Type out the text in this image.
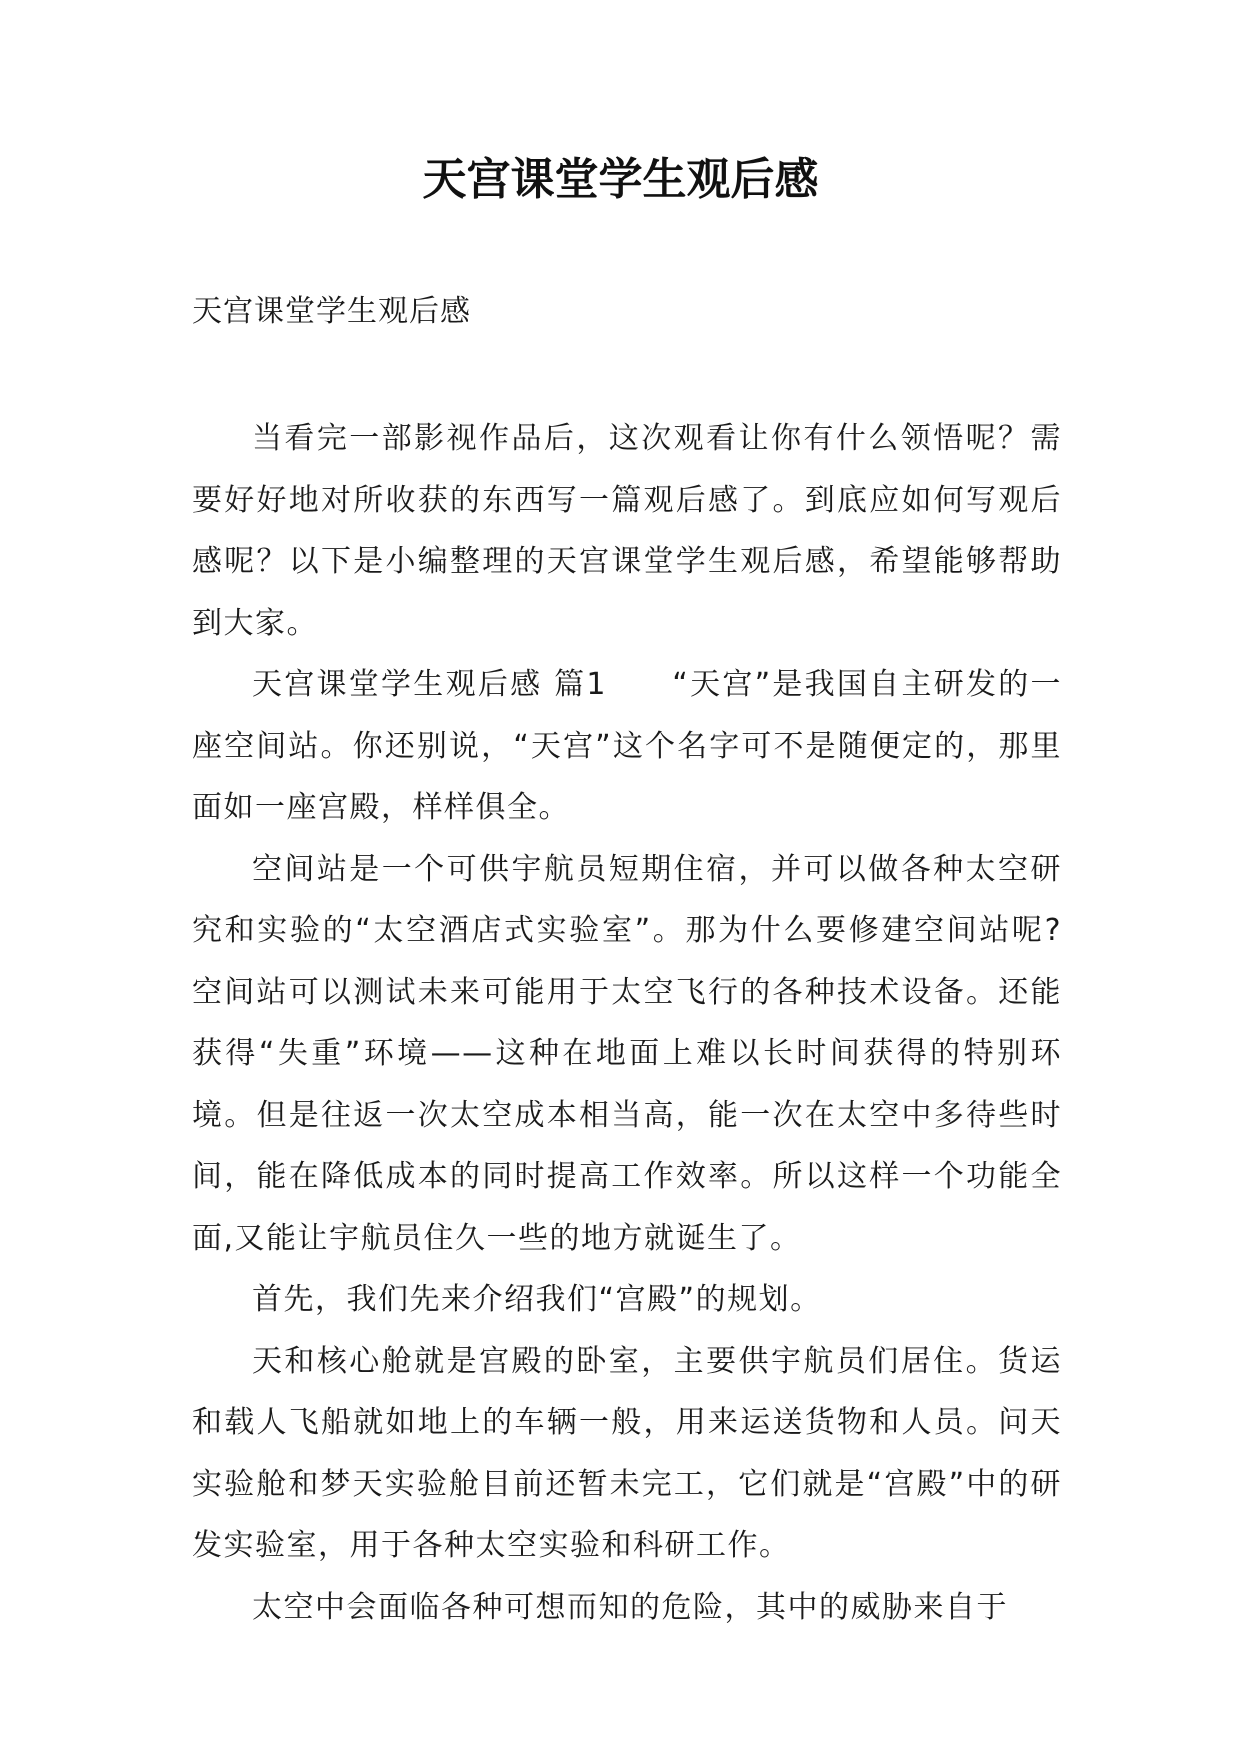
天宫课堂学生观后感

天宫课堂学生观后感

当看完一部影视作品后，这次观看让你有什么领悟呢？需要好好地对所收获的东西写一篇观后感了。到底应如何写观后感呢？以下是小编整理的天宫课堂学生观后感，希望能够帮助到大家。

天宫课堂学生观后感 篇1　　“天宫”是我国自主研发的一座空间站。你还别说，“天宫”这个名字可不是随便定的，那里面如一座宫殿，样样俱全。

空间站是一个可供宇航员短期住宿，并可以做各种太空研究和实验的“太空酒店式实验室”。那为什么要修建空间站呢?空间站可以测试未来可能用于太空飞行的各种技术设备。还能获得“失重”环境——这种在地面上难以长时间获得的特别环境。但是往返一次太空成本相当高，能一次在太空中多待些时间，能在降低成本的同时提高工作效率。所以这样一个功能全面,又能让宇航员住久一些的地方就诞生了。

首先，我们先来介绍我们“宫殿”的规划。

天和核心舱就是宫殿的卧室，主要供宇航员们居住。货运和载人飞船就如地上的车辆一般，用来运送货物和人员。问天实验舱和梦天实验舱目前还暂未完工，它们就是“宫殿”中的研发实验室，用于各种太空实验和科研工作。

太空中会面临各种可想而知的危险，其中的威胁来自于
